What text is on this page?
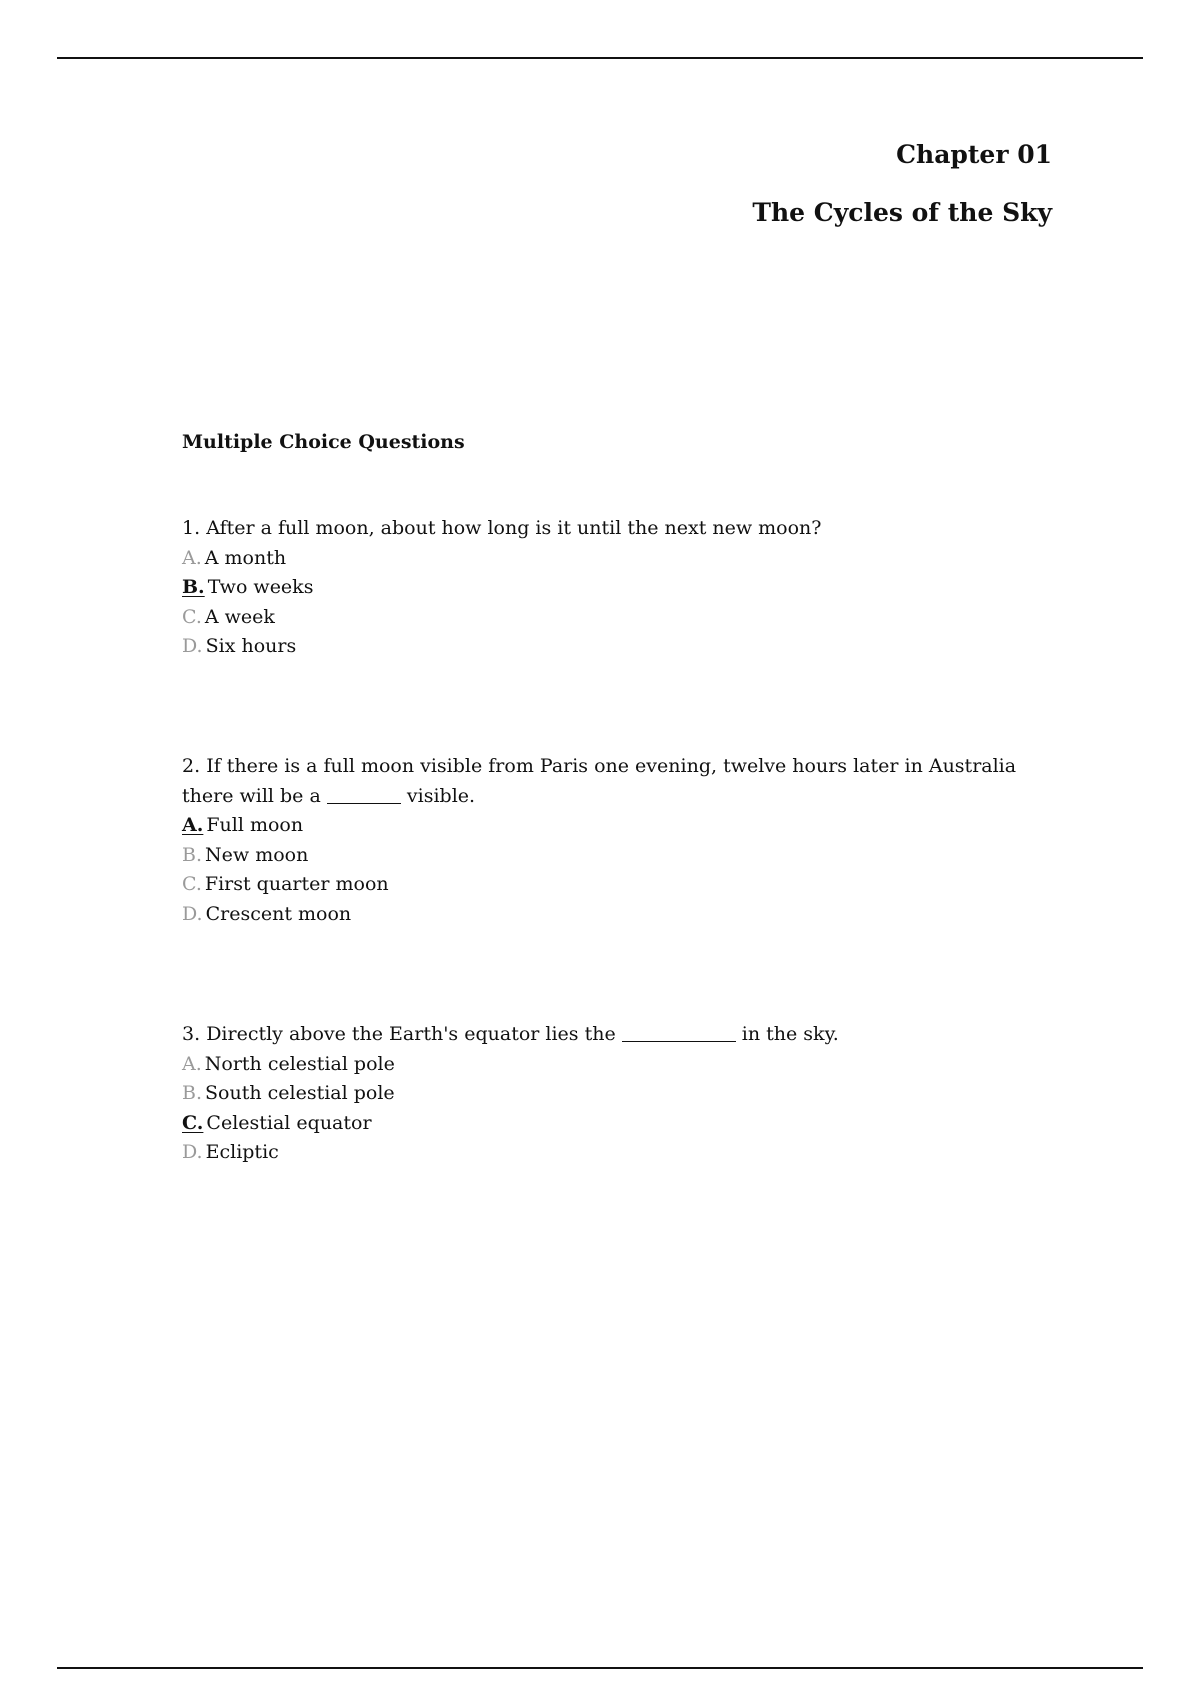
Chapter 01

The Cycles of the Sky

Multiple Choice Questions

1. After a full moon, about how long is it until the next new moon?

A. A month
B. Two weeks
C. A week
D. Six hours

2. If there is a full moon visible from Paris one evening, twelve hours later in Australia there will be a	visible.

A. Full moon
B. New moon
C. First quarter moon
D. Crescent moon

3. Directly above the Earth's equator lies the	in the sky.

A. North celestial pole
B. South celestial pole
C. Celestial equator
D. Ecliptic
